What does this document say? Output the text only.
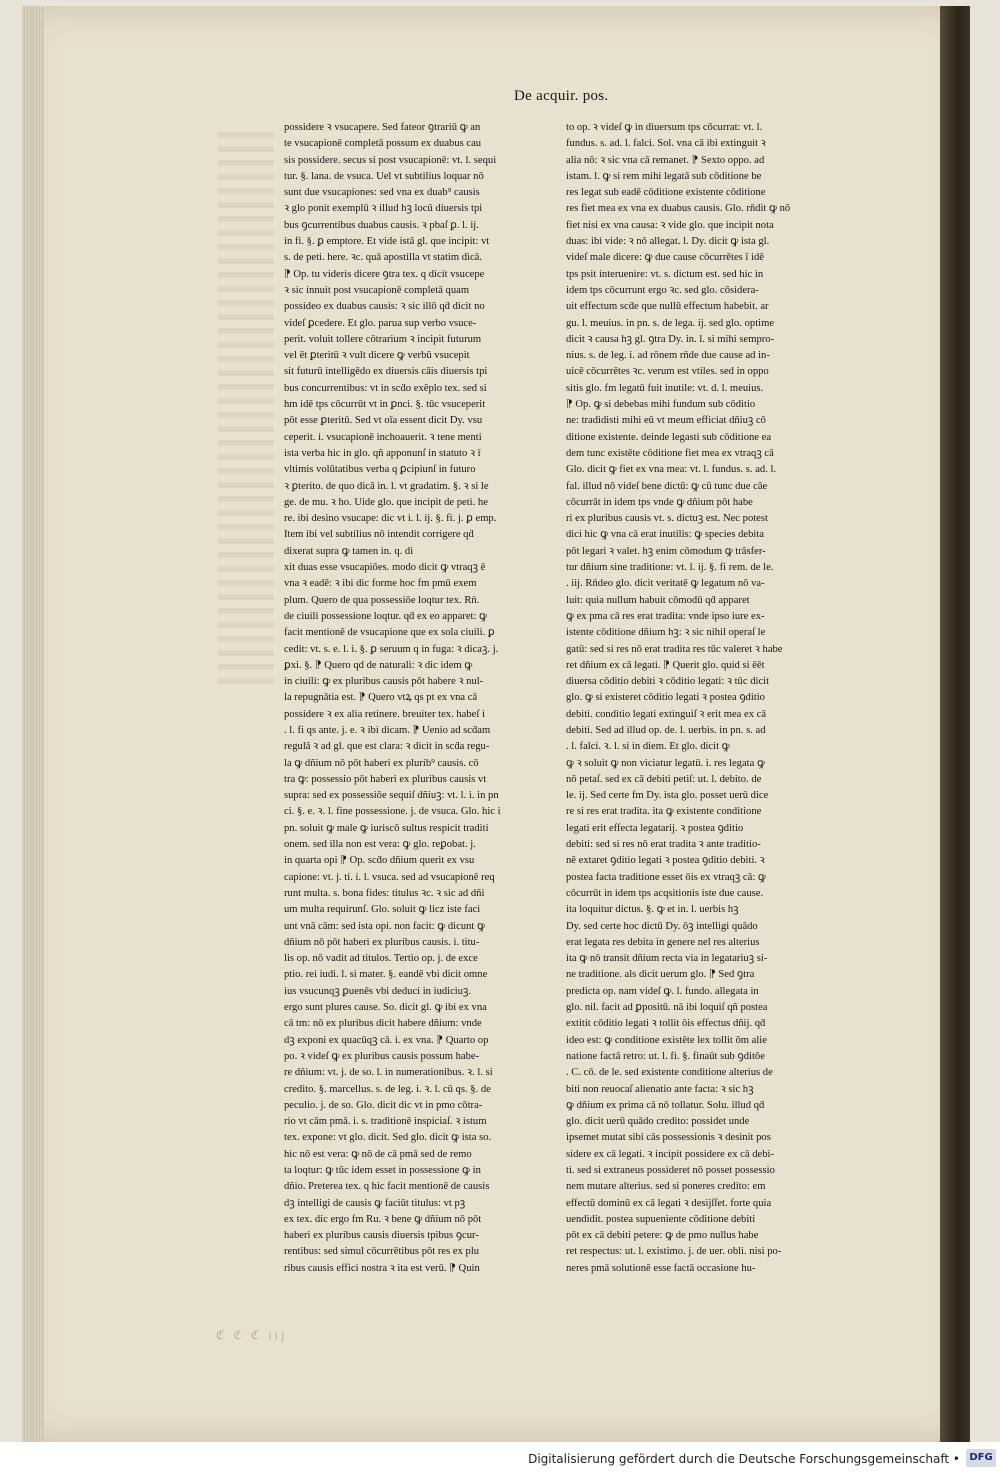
De acquir. pos.
possidere ꝛ vsucapere. Sed fateor ꝯtrariū ꝙ an
te vsucapionē completā possum ex duabus cau
sis possidere. secus si post vsucapionē: vt. l. sequi
tur. §. lana. de vsuca. Uel vt subtilius loquar nō
sunt due vsucapiones: sed vna ex duab⁹ causis
ꝛ glo ponit exemplū ꝛ illud hꝫ locū diuersis tpi
bus ꝯcurrentibus duabus causis. ꝛ pbaſ ꝑ. l. ij.
in fi. §. ꝑ emptore. Et vide istā gl. que incipit: vt
s. de peti. here. ꝛc. quā apostilla vt statim dicā.
⁋ Op. tu videris dicere ꝯtra tex. q dicit vsucepe
ꝛ sic innuit post vsucapionē completā quam
possideo ex duabus causis: ꝛ sic illō qḋ dicit no
videſ ꝑcedere. Et glo. parua sup verbo vsuce-
perit. voluit tollere cōtrarium ꝛ incipit futurum
vel ēt ꝑteritū ꝛ vult dicere ꝙ verbū vsucepit
sit futurū intelligēdo ex diuersis cāis diuersis tpi
bus concurrentibus: vt in scḋo exēplo tex. sed si
hm idē tps cōcurrūt vt in ꝑnci. §. tūc vsuceperit
pōt esse ꝑteritū. Sed vt oīa essent dicit Dy. vsu
ceperit. i. vsucapionē inchoauerit. ꝛ tene menti
ista verba hic in glo. qñ apponunſ in statuto ꝛ ī
vltimis volūtatibus verba q ꝑcipiunſ in futuro
ꝛ ꝑterito. de quo dicā in. l. vt gradatim. §. ꝛ si le
ge. de mu. ꝛ ho. Uide glo. que incipit de peti. he
re. ibi desino vsucape: dic vt i. l. ij. §. fi. j. ꝑ emp.
Item ibi vel subtilius nō intendit corrigere qḋ
dixerat supra ꝙ tamen in. q. di
xit duas esse vsucapiōes. modo dicit ꝙ vtraqꝫ ē
vna ꝛ eadē: ꝛ ibi dic forme hoc fm pmū exem
plum. Quero de qua possessiōe loqtur tex. Rn̄.
de ciuili possessione loqtur. qḋ ex eo apparet: ꝙ
facit mentionē de vsucapione que ex sola ciuili. ꝑ
cedit: vt. s. e. l. i. §. ꝑ seruum q in fuga: ꝛ dicaꝫ. j.
ꝑxi. §. ⁋ Quero qd de naturali: ꝛ dic idem ꝙ
in ciuili: ꝙ ex pluribus causis pōt habere ꝛ nul-
la repugnātia est. ⁋ Quero vtꝝ qs pt ex vna cā
possidere ꝛ ex alia retinere. breuiter tex. habeſ i
. l. fi qs ante. j. e. ꝛ ibi dicam. ⁋ Uenio ad scḋam
regulā ꝛ ad gl. que est clara: ꝛ dicit in scḋa regu-
la ꝙ dñium nō pōt haberi ex plurib⁹ causis. cō
tra ꝙ: possessio pōt haberi ex pluribus causis vt
supra: sed ex possessiōe sequiſ dñiuꝫ: vt. l. i. in pn
ci. §. e. ꝛ. l. fine possessione. j. de vsuca. Glo. hic i
pn. soluit ꝙ male ꝙ iuriscō sultus respicit traditi
onem. sed illa non est vera: ꝙ glo. reꝑobat. j.
in quarta opi ⁋ Op. scḋo dñium querit ex vsu
capione: vt. j. ti. i. l. vsuca. sed ad vsucapionē req
runt multa. s. bona fides: titulus ꝛc. ꝛ sic ad dñi
um multa requirunſ. Glo. soluit ꝙ licz iste faci
unt vnā cām: sed ista opi. non facit: ꝙ dicunt ꝙ
dñium nō pōt haberi ex pluribus causis. i. titu-
lis op. nō vadit ad titulos. Tertio op. j. de exce
ptio. rei iudi. l. si mater. §. eandē vbi dicit omne
ius vsucunqꝫ ꝑuenēs vbi deduci in iudiciuꝫ.
ergo sunt plures cause. So. dicit gl. ꝙ ibi ex vna
cā tm: nō ex pluribus dicit habere dñium: vnde
dꝫ exponi ex quacūqꝫ cā. i. ex vna. ⁋ Quarto op
po. ꝛ videſ ꝙ ex pluribus causis possum habe-
re dñium: vt. j. de so. l. in numerationibus. ꝛ. l. si
credito. §. marcellus. s. de leg. i. ꝛ. l. cū qs. §. de
peculio. j. de so. Glo. dicit dic vt in pmo cōtra-
rio vt cām pmā. i. s. traditionē inspiciaſ. ꝛ istum
tex. expone: vt glo. dicit. Sed glo. dicit ꝙ ista so.
hic nō est vera: ꝙ nō de cā pmā sed de remo
ta loqtur: ꝙ tūc idem esset in possessione ꝙ in
dñio. Preterea tex. q hic facit mentionē de causis
dꝫ intelligi de causis ꝙ faciūt titulus: vt pꝫ
ex tex. dic ergo fm Ru. ꝛ bene ꝙ dñium nō pōt
haberi ex pluribus causis diuersis tpibus ꝯcur-
rentibus: sed simul cōcurrētibus pōt res ex plu
ribus causis effici nostra ꝛ ita est verū. ⁋ Quin
to op. ꝛ videſ ꝙ in diuersum tps cōcurrat: vt. l.
fundus. s. ad. l. falci. Sol. vna cā ibi extinguit ꝛ
alia nō: ꝛ sic vna cā remanet. ⁋ Sexto oppo. ad
istam. l. ꝙ si rem mihi legatā sub cōditione be
res legat sub eadē cōditione existente cōditione
res fiet mea ex vna ex duabus causis. Glo. rn̄dit ꝙ nō
fiet nisi ex vna causa: ꝛ vide glo. que incipit nota
duas: ibi vide: ꝛ nō allegat. l. Dy. dicit ꝙ ista gl.
videſ male dicere: ꝙ due cause cōcurrētes ī idē
tps psit interuenire: vt. s. dictum est. sed hic in
idem tps cōcurrunt ergo ꝛc. sed glo. cōsidera-
uit effectum scḋe que nullū effectum habebit. ar
gu. l. meuius. in pn. s. de lega. ij. sed glo. optime
dicit ꝛ causa hꝫ gl. ꝯtra Dy. in. l. si mihi sempro-
nius. s. de leg. i. ad rōnem rn̄de due cause ad in-
uicē cōcurrētes ꝛc. verum est vtiles. sed in oppo
sitis glo. fm legatū fuit inutile: vt. d. l. meuius.
⁋ Op. ꝙ si debebas mihi fundum sub cōditio
ne: tradidisti mihi eū vt meum efficiat dñiuꝫ cō
ditione existente. deinde legasti sub cōditione ea
dem tunc existēte cōditione fiet mea ex vtraqꝫ cā
Glo. dicit ꝙ fiet ex vna mea: vt. l. fundus. s. ad. l.
fal. illud nō videſ bene dictū: ꝙ cū tunc due cāe
cōcurrāt in idem tps vnde ꝙ dñium pōt habe
ri ex pluribus causis vt. s. dictuꝫ est. Nec potest
dici hic ꝙ vna cā erat inutilis: ꝙ species debita
pōt legari ꝛ valet. hꝫ enim cōmodum ꝙ trāsfer-
tur dñium sine traditione: vt. l. ij. §. fi rem. de le.
. iij. Rn̄deo glo. dicit veritatē ꝙ legatum nō va-
luit: quia nullum habuit cōmodū qḋ apparet
ꝙ ex pma cā res erat tradita: vnde ipso iure ex-
istente cōditione dñium hꝫ: ꝛ sic nihil operaſ le
gatū: sed si res nō erat tradita res tūc valeret ꝛ habe
ret dñium ex cā legati. ⁋ Querit glo. quid si ēēt
diuersa cōditio debiti ꝛ cōditio legati: ꝛ tūc dicit
glo. ꝙ si existeret cōditio legati ꝛ postea ꝯditio
debiti. conditio legati extinguiſ ꝛ erit mea ex cā
debiti. Sed ad illud op. de. l. uerbis. in pn. s. ad
. l. falci. ꝛ. l. si in diem. Et glo. dicit ꝙ
ꝙ ꝛ soluit ꝙ non viciatur legatū. i. res legata ꝙ
nō petaſ. sed ex cā debiti petiſ: ut. l. debito. de
le. ij. Sed certe fm Dy. ista glo. posset uerū dice
re si res erat tradita. ita ꝙ existente conditione
legati erit effecta legatarij. ꝛ postea ꝯditio
debiti: sed si res nō erat tradita ꝛ ante traditio-
nē extaret ꝯditio legati ꝛ postea ꝯditio debiti. ꝛ
postea facta traditione esset ōis ex vtraqꝫ cā: ꝙ
cōcurrūt in idem tps acqsitionis iste due cause.
ita loquitur dictus. §. ꝙ et in. l. uerbis hꝫ
Dy. sed certe hoc dictū Dy. ōꝫ intelligi quādo
erat legata res debita in genere nel res alterius
ita ꝙ nō transit dñium recta via in legatariuꝫ si-
ne traditione. als dicit uerum glo. ⁋ Sed ꝯtra
predicta op. nam videſ ꝙ. l. fundo. allegata in
glo. nil. facit ad ꝑpositū. nā ibi loquiſ qñ postea
extitit cōditio legati ꝛ tollit ōis effectus dñij. qḋ
ideo est: ꝙ conditione existēte lex tollit ōm alie
natione factā retro: ut. l. fi. §. finaūt sub ꝯditōe
. C. cō. de le. sed existente conditione alterius de
biti non reuocaſ alienatio ante facta: ꝛ sic hꝫ
ꝙ dñium ex prima cā nō tollatur. Solu. illud qḋ
glo. dicit uerū quādo credito: possidet unde
ipsemet mutat sibi cās possessionis ꝛ desinit pos
sidere ex cā legati. ꝛ incipit possidere ex cā debi-
ti. sed si extraneus possideret nō posset possessio
nem mutare alterius. sed si poneres credito: em
effectū dominū ex cā legati ꝛ desijſſet. forte quia
uendidit. postea supueniente cōditione debiti
pōt ex cā debiti petere: ꝙ de pmo nullus habe
ret respectus: ut. l. existimo. j. de uer. obli. nisi po-
neres pmā solutionē esse factā occasione hu-
ℭ ℭ ℭ iij
Digitalisierung gefördert durch die Deutsche Forschungsgemeinschaft • DFG
